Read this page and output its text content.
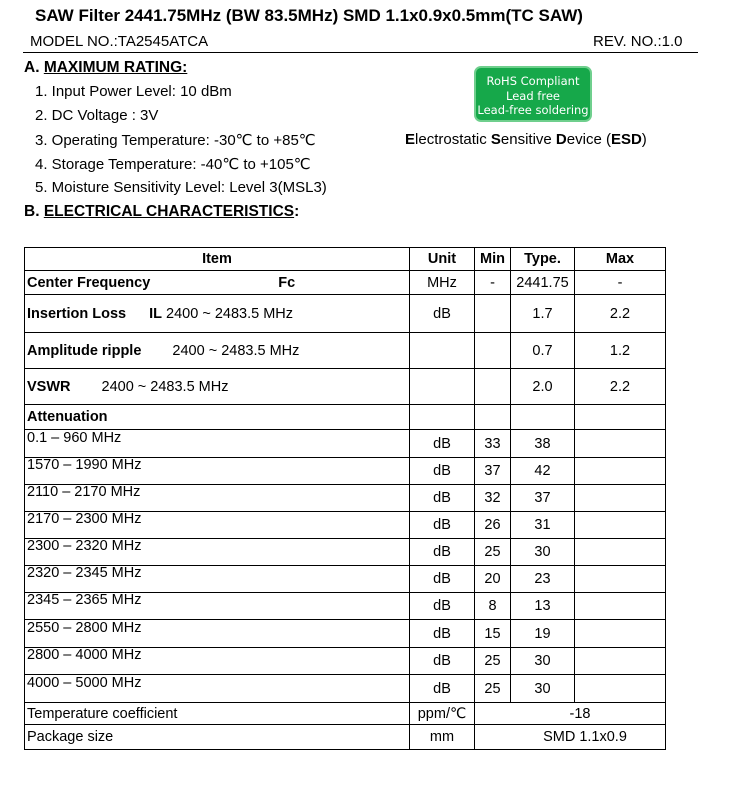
SAW Filter 2441.75MHz (BW 83.5MHz) SMD 1.1x0.9x0.5mm(TC SAW)
MODEL NO.:TA2545ATCA	REV. NO.:1.0
A. MAXIMUM RATING:
1. Input Power Level: 10 dBm
2. DC Voltage : 3V
3. Operating Temperature: -30℃ to +85℃
4. Storage Temperature: -40℃ to +105℃
5. Moisture Sensitivity Level: Level 3(MSL3)
RoHS Compliant
Lead free
Lead-free soldering
Electrostatic Sensitive Device (ESD)
B. ELECTRICAL CHARACTERISTICS:
Item	Unit	Min	Type.	Max
Center Frequency Fc	MHz	-	2441.75	-
Insertion Loss IL 2400 ~ 2483.5 MHz	dB		1.7	2.2
Amplitude ripple 2400 ~ 2483.5 MHz			0.7	1.2
VSWR 2400 ~ 2483.5 MHz			2.0	2.2
Attenuation				
0.1 – 960 MHz	dB	33	38	
1570 – 1990 MHz	dB	37	42	
2110 – 2170 MHz	dB	32	37	
2170 – 2300 MHz	dB	26	31	
2300 – 2320 MHz	dB	25	30	
2320 – 2345 MHz	dB	20	23	
2345 – 2365 MHz	dB	8	13	
2550 – 2800 MHz	dB	15	19	
2800 – 4000 MHz	dB	25	30	
4000 – 5000 MHz	dB	25	30	
Temperature coefficient	ppm/℃	-18		
Package size	mm	SMD 1.1x0.9		
